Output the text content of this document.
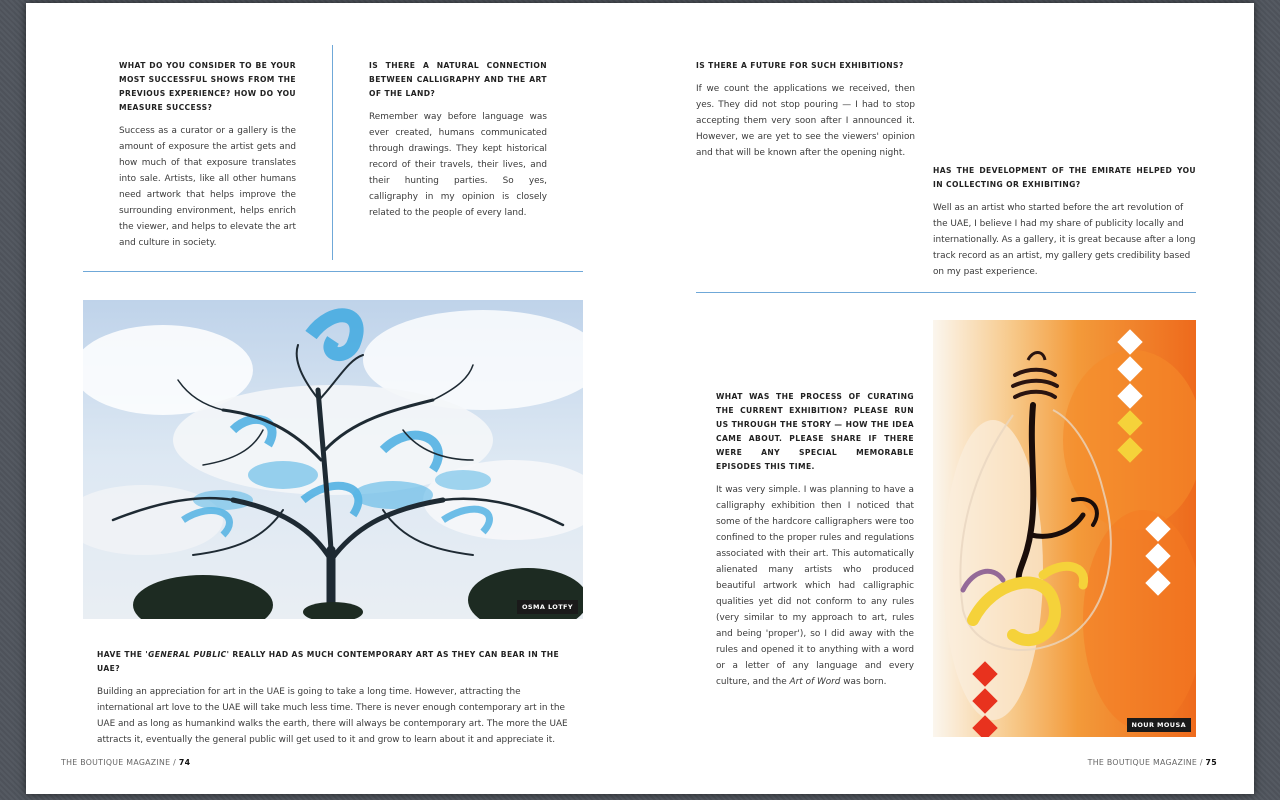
WHAT DO YOU CONSIDER TO BE YOUR MOST SUCCESSFUL SHOWS FROM THE PREVIOUS EXPERIENCE? HOW DO YOU MEASURE SUCCESS?
Success as a curator or a gallery is the amount of exposure the artist gets and how much of that exposure translates into sale. Artists, like all other humans need artwork that helps improve the surrounding environment, helps enrich the viewer, and helps to elevate the art and culture in society.
IS THERE A NATURAL CONNECTION BETWEEN CALLIGRAPHY AND THE ART OF THE LAND?
Remember way before language was ever created, humans communicated through drawings. They kept historical record of their travels, their lives, and their hunting parties. So yes, calligraphy in my opinion is closely related to the people of every land.
OSMA LOTFY
HAVE THE 'GENERAL PUBLIC' REALLY HAD AS MUCH CONTEMPORARY ART AS THEY CAN BEAR IN THE UAE?
Building an appreciation for art in the UAE is going to take a long time. However, attracting the international art love to the UAE will take much less time. There is never enough contemporary art in the UAE and as long as humankind walks the earth, there will always be contemporary art. The more the UAE attracts it, eventually the general public will get used to it and grow to learn about it and appreciate it.
THE BOUTIQUE MAGAZINE / 74
IS THERE A FUTURE FOR SUCH EXHIBITIONS?
If we count the applications we received, then yes. They did not stop pouring — I had to stop accepting them very soon after I announced it. However, we are yet to see the viewers' opinion and that will be known after the opening night.
HAS THE DEVELOPMENT OF THE EMIRATE HELPED YOU IN COLLECTING OR EXHIBITING?
Well as an artist who started before the art revolution of the UAE, I believe I had my share of publicity locally and internationally. As a gallery, it is great because after a long track record as an artist, my gallery gets credibility based on my past experience.
WHAT WAS THE PROCESS OF CURATING THE CURRENT EXHIBITION? PLEASE RUN US THROUGH THE STORY — HOW THE IDEA CAME ABOUT. PLEASE SHARE IF THERE WERE ANY SPECIAL MEMORABLE EPISODES THIS TIME.
It was very simple. I was planning to have a calligraphy exhibition then I noticed that some of the hardcore calligraphers were too confined to the proper rules and regulations associated with their art. This automatically alienated many artists who produced beautiful artwork which had calligraphic qualities yet did not conform to any rules (very similar to my approach to art, rules and being 'proper'), so I did away with the rules and opened it to anything with a word or a letter of any language and every culture, and the Art of Word was born.
NOUR MOUSA
THE BOUTIQUE MAGAZINE / 75
